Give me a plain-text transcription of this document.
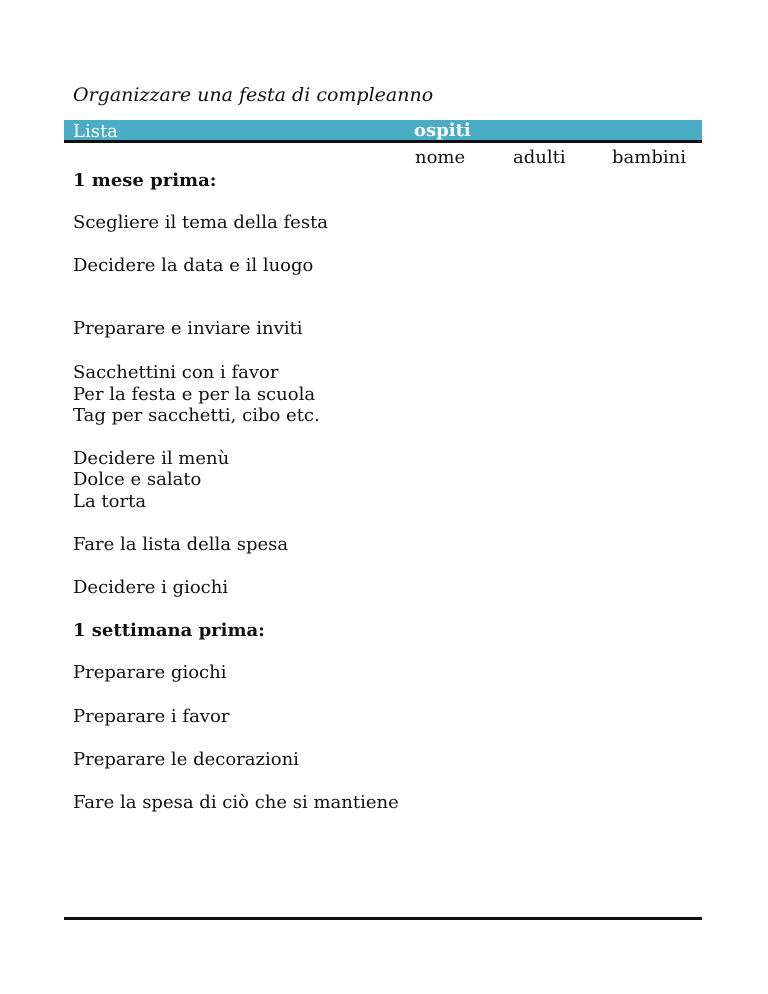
Organizzare una festa di compleanno
Lista	ospiti
nome	adulti	bambini
1 mese prima:
Scegliere il tema della festa
Decidere la data e il luogo
Preparare e inviare inviti
Sacchettini con i favor
Per la festa e per la scuola
Tag per sacchetti, cibo etc.
Decidere il menù
Dolce e salato
La torta
Fare la lista della spesa
Decidere i giochi
1 settimana prima:
Preparare giochi
Preparare i favor
Preparare le decorazioni
Fare la spesa di ciò che si mantiene
